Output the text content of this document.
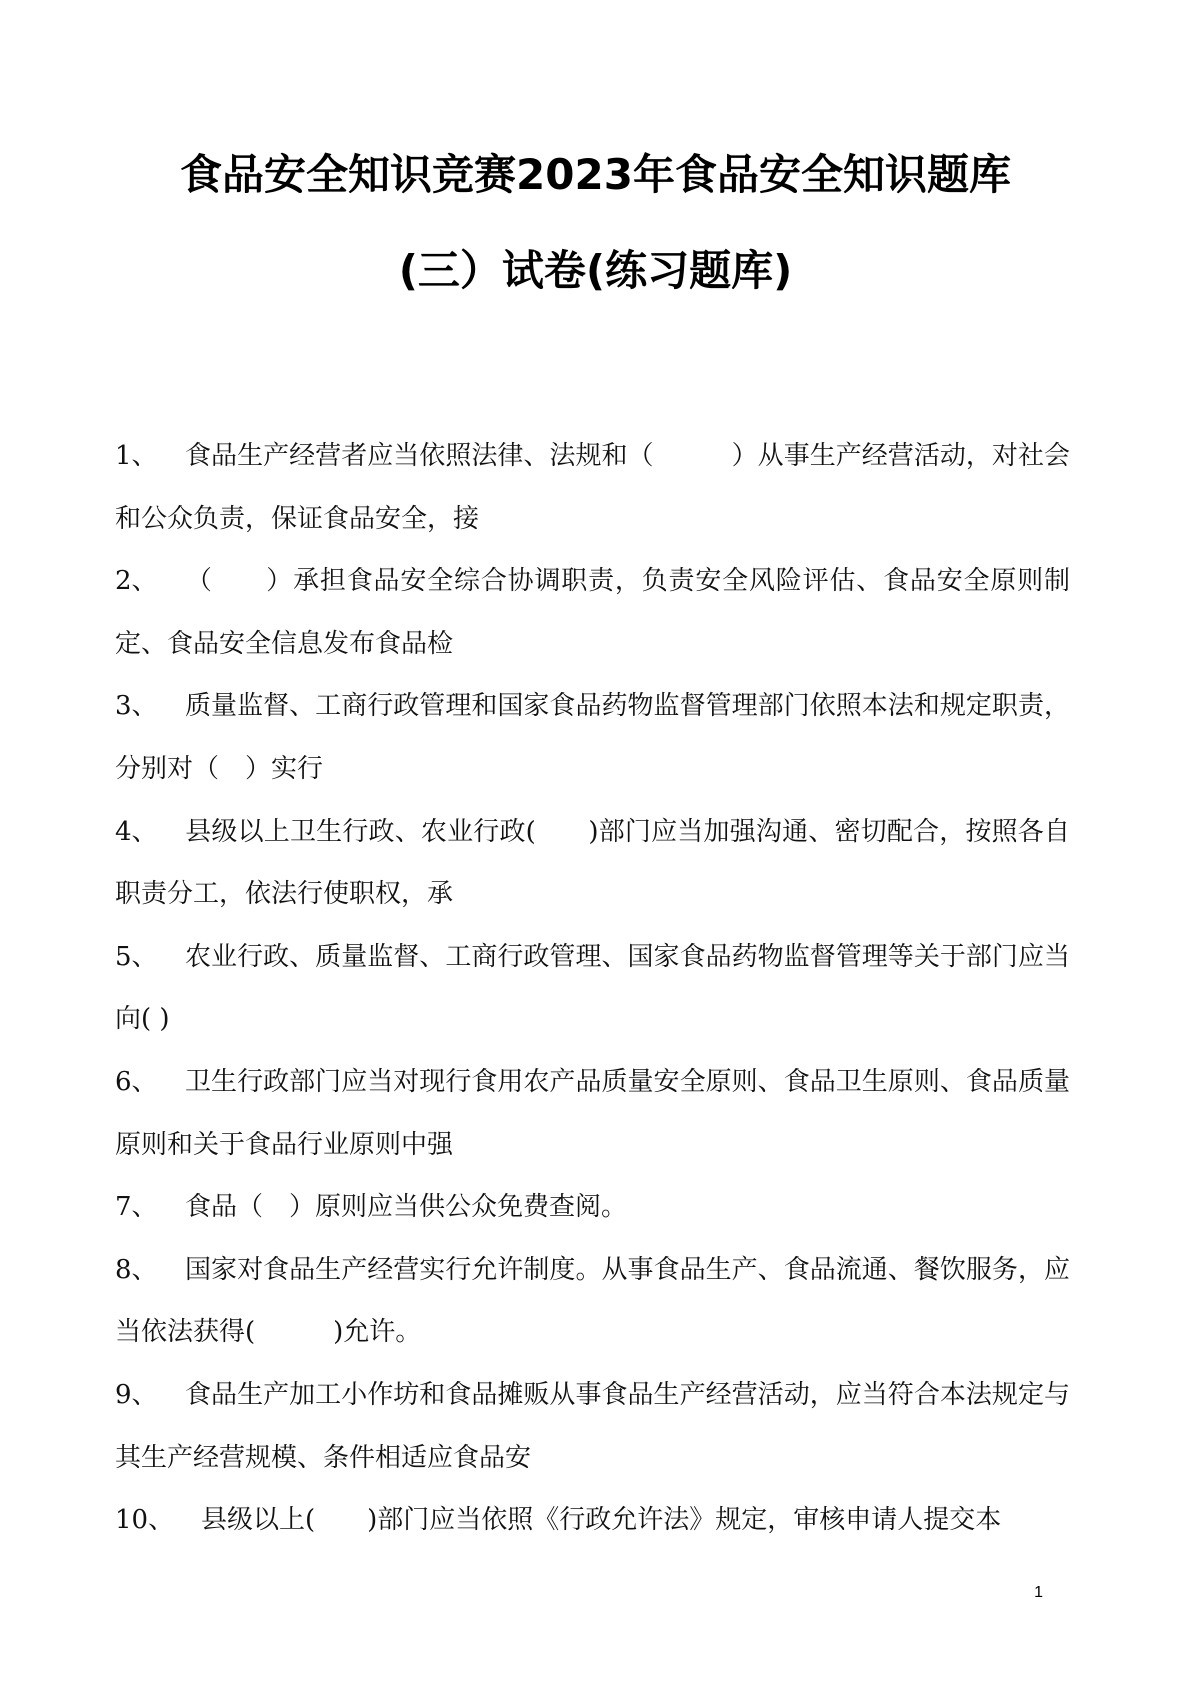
食品安全知识竞赛2023年食品安全知识题库
(三）试卷(练习题库)
1、 食品生产经营者应当依照法律、法规和（　　　）从事生产经营活动，对社会和公众负责，保证食品安全，接
2、 （　　）承担食品安全综合协调职责，负责安全风险评估、食品安全原则制定、食品安全信息发布食品检
3、 质量监督、工商行政管理和国家食品药物监督管理部门依照本法和规定职责，分别对（　）实行
4、 县级以上卫生行政、农业行政(　　)部门应当加强沟通、密切配合，按照各自职责分工，依法行使职权，承
5、 农业行政、质量监督、工商行政管理、国家食品药物监督管理等关于部门应当向( )
6、 卫生行政部门应当对现行食用农产品质量安全原则、食品卫生原则、食品质量原则和关于食品行业原则中强
7、 食品（　）原则应当供公众免费查阅。
8、 国家对食品生产经营实行允许制度。从事食品生产、食品流通、餐饮服务，应当依法获得(　　　)允许。
9、 食品生产加工小作坊和食品摊贩从事食品生产经营活动，应当符合本法规定与其生产经营规模、条件相适应食品安
10、 县级以上(　　)部门应当依照《行政允许法》规定，审核申请人提交本
1
